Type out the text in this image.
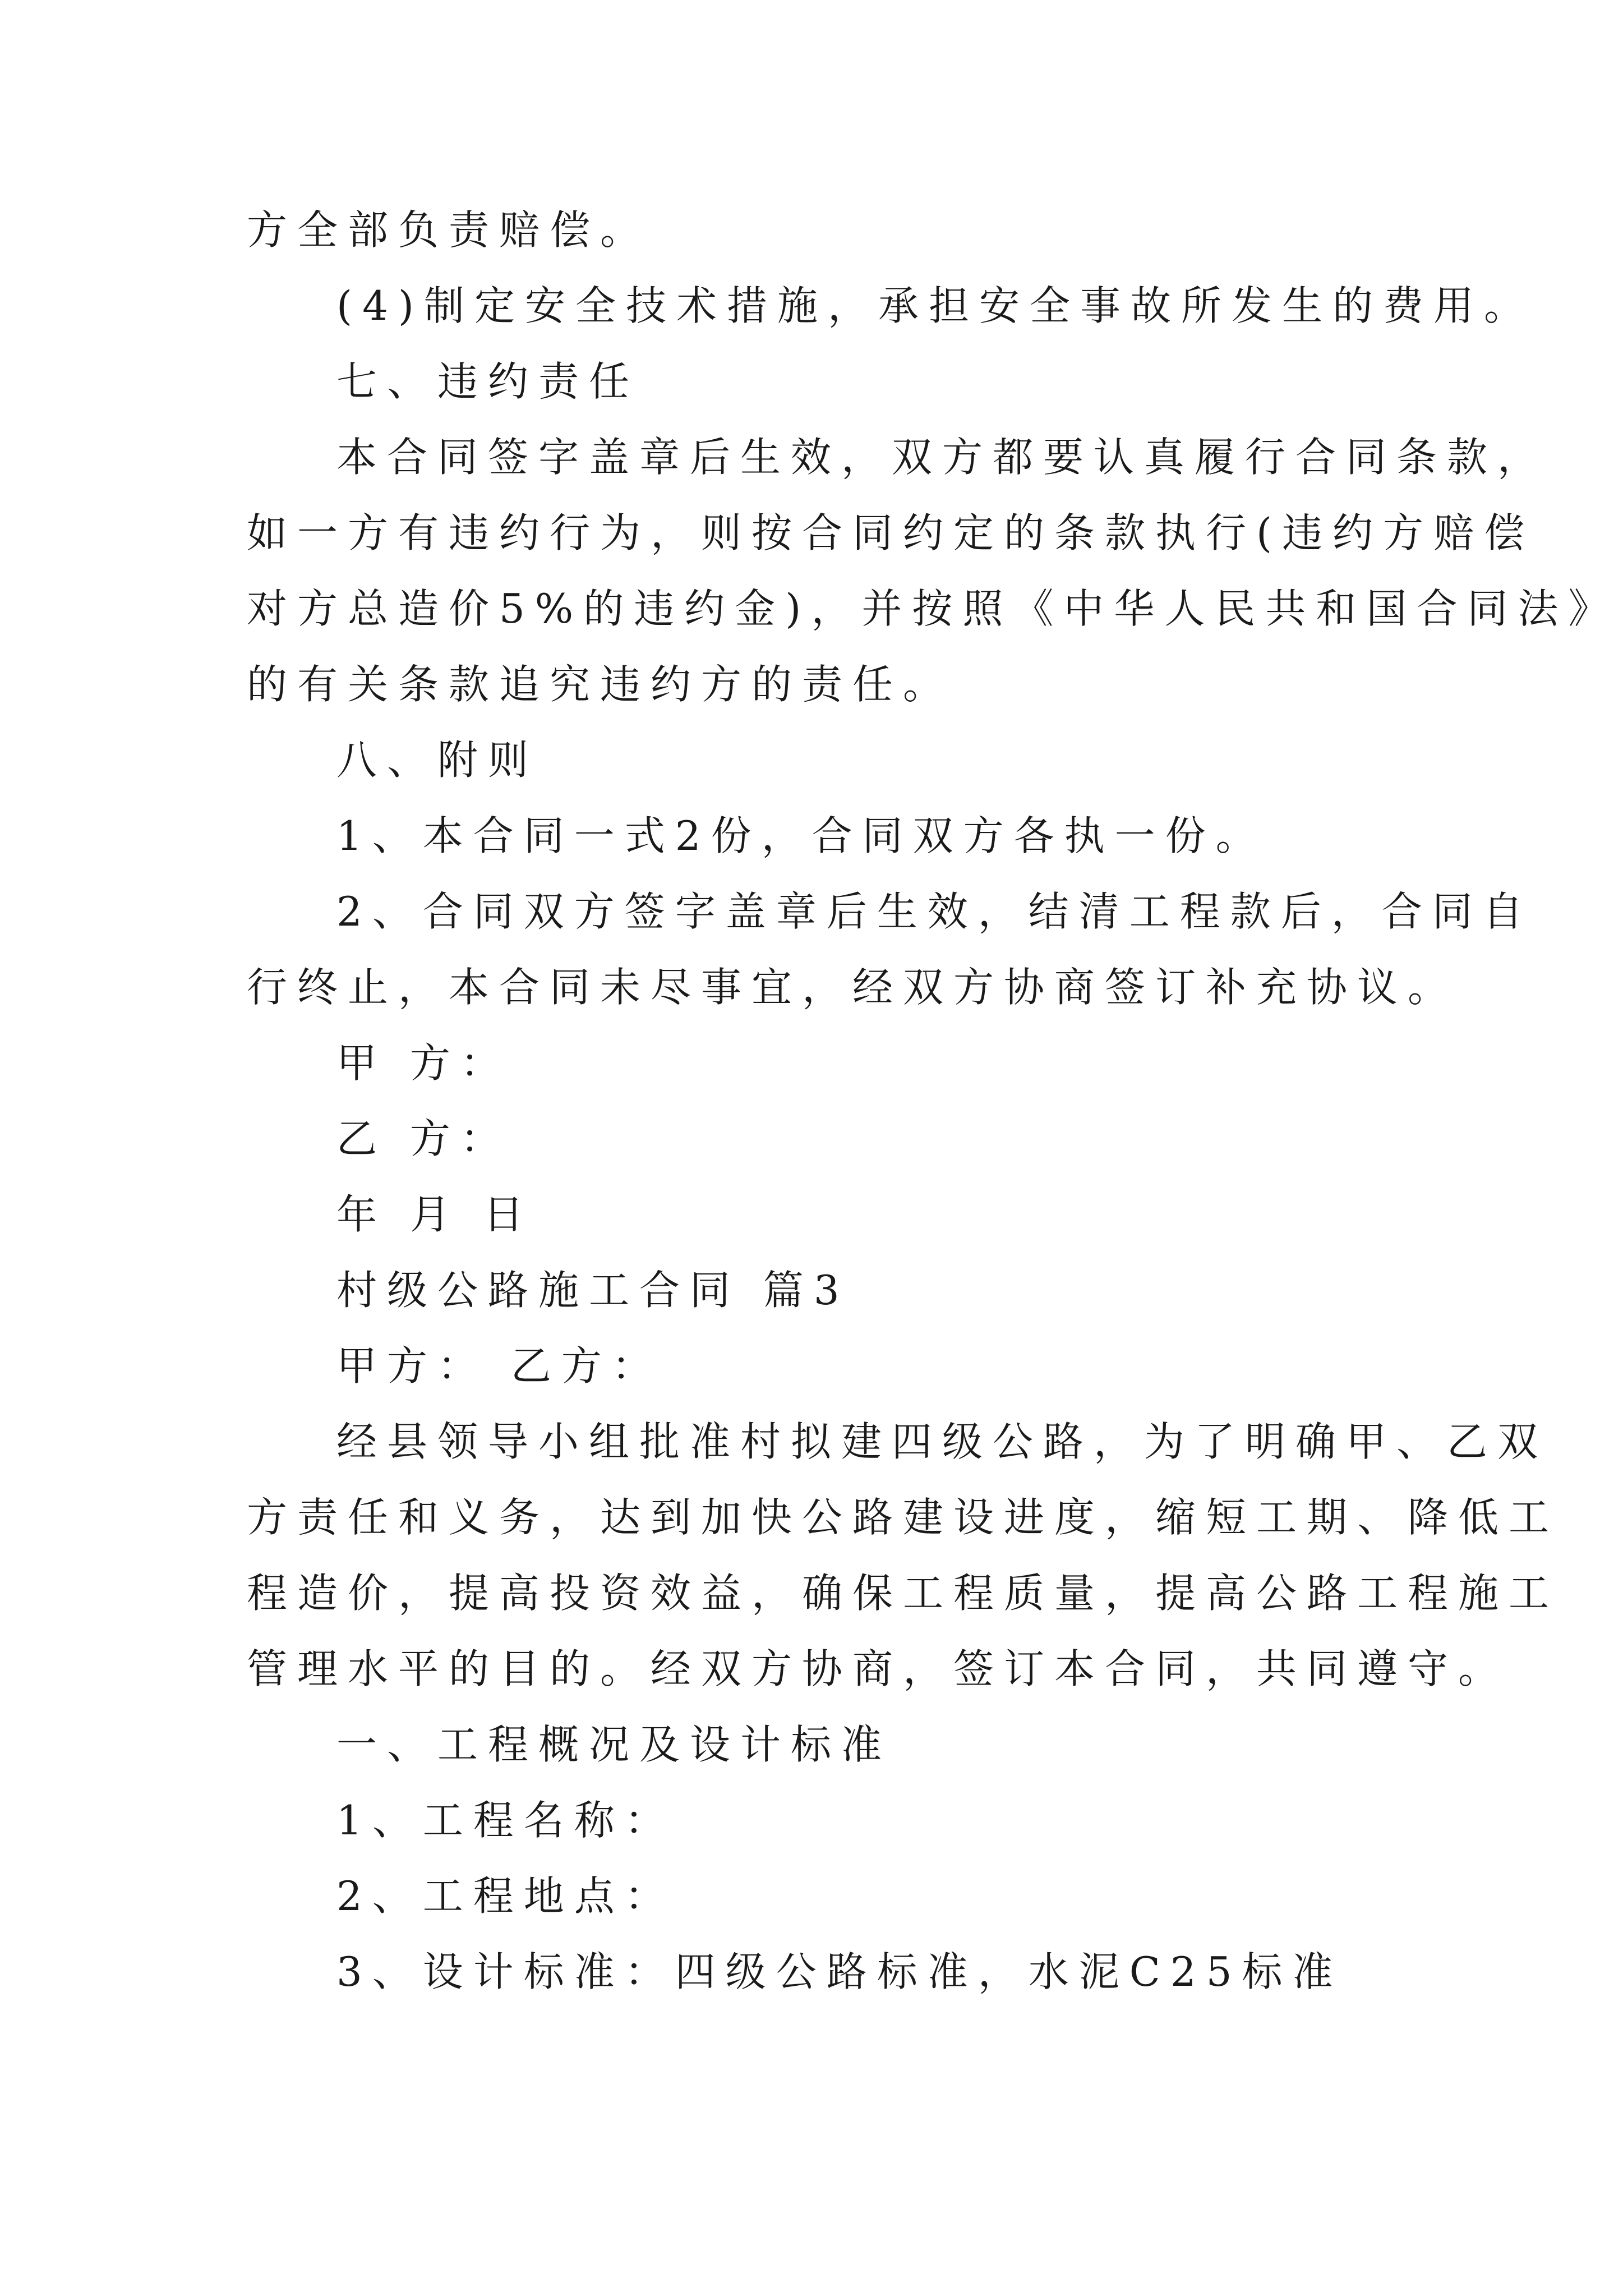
方全部负责赔偿。
(4)制定安全技术措施，承担安全事故所发生的费用。
七、违约责任
本合同签字盖章后生效，双方都要认真履行合同条款，
如一方有违约行为，则按合同约定的条款执行(违约方赔偿
对方总造价5%的违约金)，并按照《中华人民共和国合同法》
的有关条款追究违约方的责任。
八、附则
1、本合同一式2份，合同双方各执一份。
2、合同双方签字盖章后生效，结清工程款后，合同自
行终止，本合同未尽事宜，经双方协商签订补充协议。
甲 方：
乙 方：
年 月 日
村级公路施工合同 篇3
甲方： 乙方：
经县领导小组批准村拟建四级公路，为了明确甲、乙双
方责任和义务，达到加快公路建设进度，缩短工期、降低工
程造价，提高投资效益，确保工程质量，提高公路工程施工
管理水平的目的。经双方协商，签订本合同，共同遵守。
一、工程概况及设计标准
1、工程名称：
2、工程地点：
3、设计标准：四级公路标准，水泥C25标准
